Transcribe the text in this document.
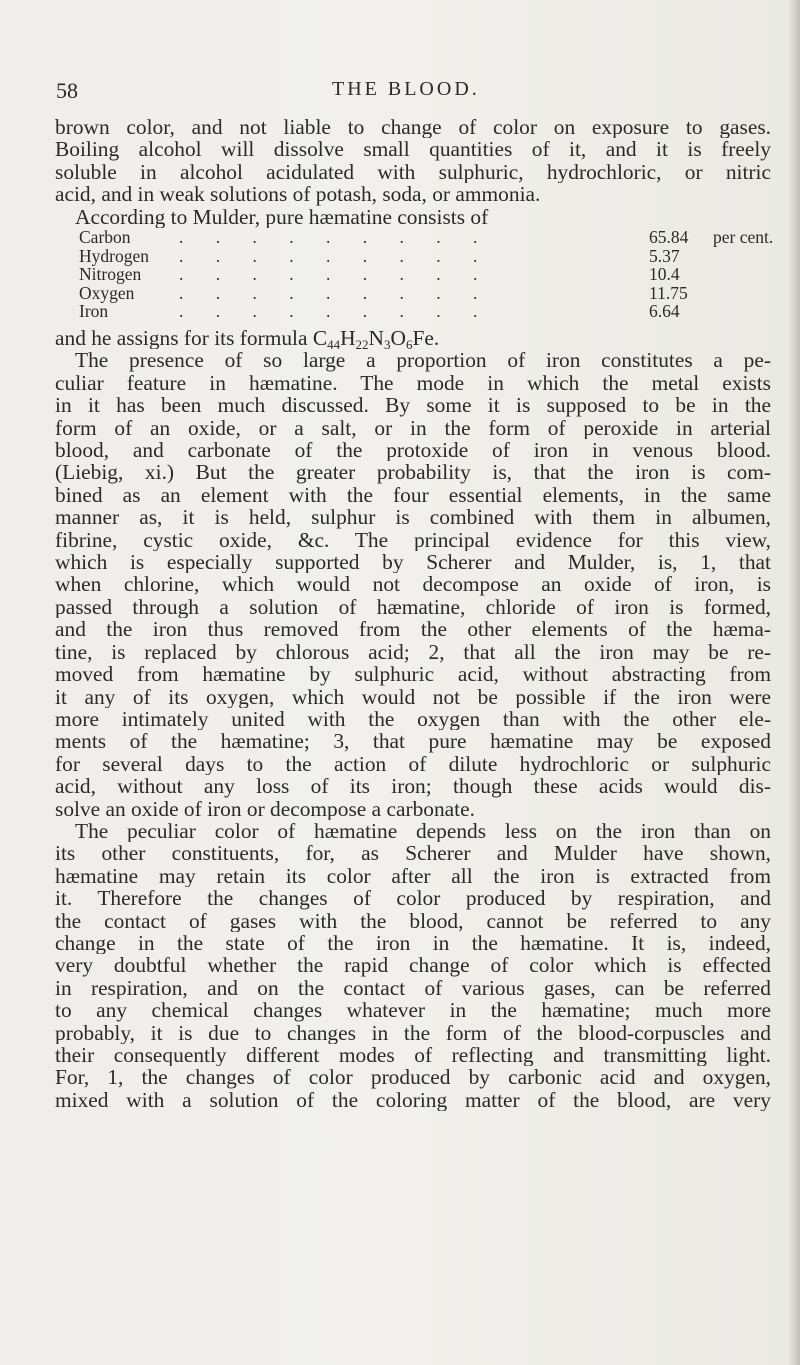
58	THE BLOOD.
brown color, and not liable to change of color on exposure to gases.
Boiling alcohol will dissolve small quantities of it, and it is freely
soluble in alcohol acidulated with sulphuric, hydrochloric, or nitric
acid, and in weak solutions of potash, soda, or ammonia.
According to Mulder, pure hæmatine consists of
Carbon	. . . . . . . . .	65.84	per cent.
Hydrogen	. . . . . . . . .	5.37
Nitrogen	. . . . . . . . .	10.4
Oxygen	. . . . . . . . .	11.75
Iron	. . . . . . . . .	6.64
and he assigns for its formula $C_{44}H_{22}N_3O_6Fe$.
The presence of so large a proportion of iron constitutes a pe-
culiar feature in hæmatine. The mode in which the metal exists
in it has been much discussed. By some it is supposed to be in the
form of an oxide, or a salt, or in the form of peroxide in arterial
blood, and carbonate of the protoxide of iron in venous blood.
(Liebig, xi.) But the greater probability is, that the iron is com-
bined as an element with the four essential elements, in the same
manner as, it is held, sulphur is combined with them in albumen,
fibrine, cystic oxide, &c. The principal evidence for this view,
which is especially supported by Scherer and Mulder, is, 1, that
when chlorine, which would not decompose an oxide of iron, is
passed through a solution of hæmatine, chloride of iron is formed,
and the iron thus removed from the other elements of the hæma-
tine, is replaced by chlorous acid; 2, that all the iron may be re-
moved from hæmatine by sulphuric acid, without abstracting from
it any of its oxygen, which would not be possible if the iron were
more intimately united with the oxygen than with the other ele-
ments of the hæmatine; 3, that pure hæmatine may be exposed
for several days to the action of dilute hydrochloric or sulphuric
acid, without any loss of its iron; though these acids would dis-
solve an oxide of iron or decompose a carbonate.
The peculiar color of hæmatine depends less on the iron than on
its other constituents, for, as Scherer and Mulder have shown,
hæmatine may retain its color after all the iron is extracted from
it. Therefore the changes of color produced by respiration, and
the contact of gases with the blood, cannot be referred to any
change in the state of the iron in the hæmatine. It is, indeed,
very doubtful whether the rapid change of color which is effected
in respiration, and on the contact of various gases, can be referred
to any chemical changes whatever in the hæmatine; much more
probably, it is due to changes in the form of the blood-corpuscles and
their consequently different modes of reflecting and transmitting light.
For, 1, the changes of color produced by carbonic acid and oxygen,
mixed with a solution of the coloring matter of the blood, are very
